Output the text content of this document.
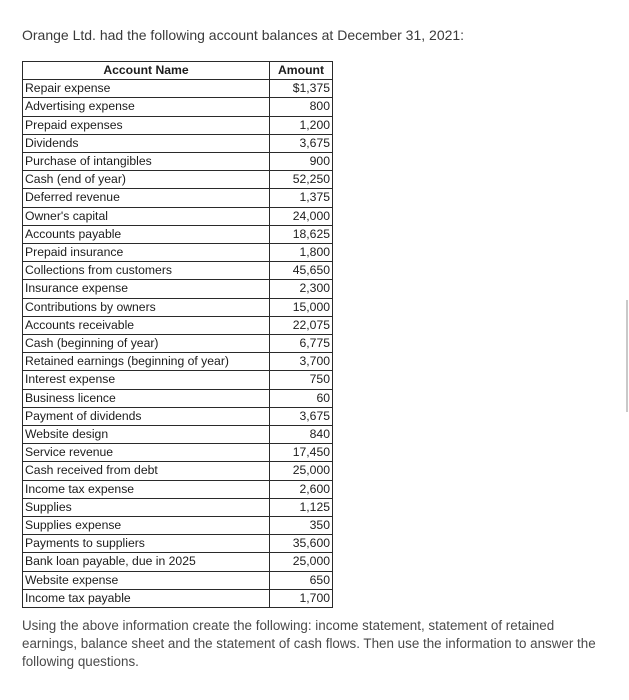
Orange Ltd. had the following account balances at December 31, 2021:
Account Name	Amount
Repair expense	$1,375
Advertising expense	800
Prepaid expenses	1,200
Dividends	3,675
Purchase of intangibles	900
Cash (end of year)	52,250
Deferred revenue	1,375
Owner's capital	24,000
Accounts payable	18,625
Prepaid insurance	1,800
Collections from customers	45,650
Insurance expense	2,300
Contributions by owners	15,000
Accounts receivable	22,075
Cash (beginning of year)	6,775
Retained earnings (beginning of year)	3,700
Interest expense	750
Business licence	60
Payment of dividends	3,675
Website design	840
Service revenue	17,450
Cash received from debt	25,000
Income tax expense	2,600
Supplies	1,125
Supplies expense	350
Payments to suppliers	35,600
Bank loan payable, due in 2025	25,000
Website expense	650
Income tax payable	1,700
Using the above information create the following: income statement, statement of retained earnings, balance sheet and the statement of cash flows. Then use the information to answer the following questions.
